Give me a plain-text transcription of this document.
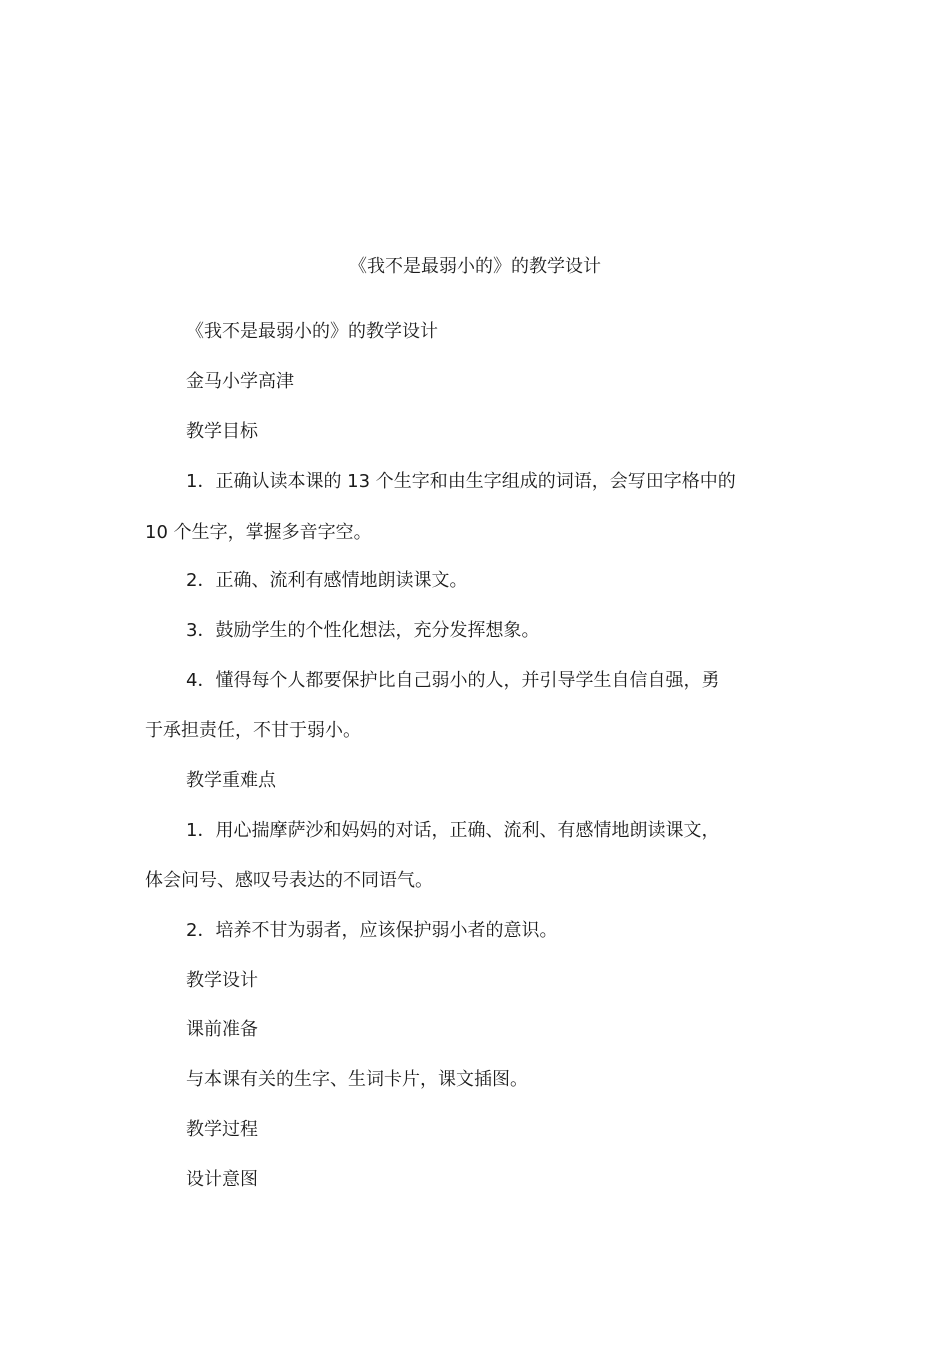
《我不是最弱小的》的教学设计
《我不是最弱小的》的教学设计
金马小学高津
教学目标
1．正确认读本课的 13 个生字和由生字组成的词语，会写田字格中的
10 个生字，掌握多音字空。
2．正确、流利有感情地朗读课文。
3．鼓励学生的个性化想法，充分发挥想象。
4．懂得每个人都要保护比自己弱小的人，并引导学生自信自强，勇
于承担责任，不甘于弱小。
教学重难点
1．用心揣摩萨沙和妈妈的对话，正确、流利、有感情地朗读课文，
体会问号、感叹号表达的不同语气。
2．培养不甘为弱者，应该保护弱小者的意识。
教学设计
课前准备
与本课有关的生字、生词卡片，课文插图。
教学过程
设计意图
